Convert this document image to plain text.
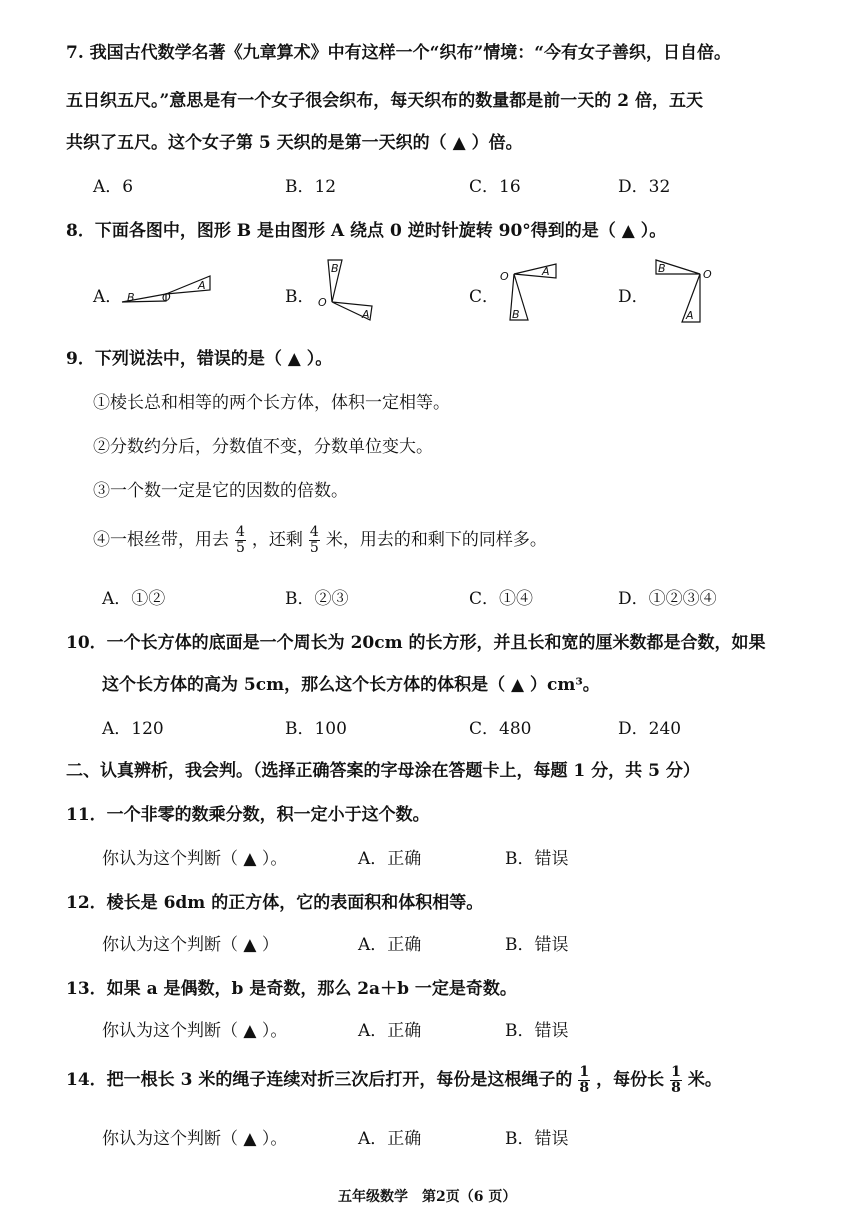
7. 我国古代数学名著《九章算术》中有这样一个“织布”情境：“今有女子善织，日自倍。
五日织五尺。”意思是有一个女子很会织布，每天织布的数量都是前一天的 2 倍，五天
共织了五尺。这个女子第 5 天织的是第一天织的（ ▲ ）倍。
A．6	B．12	C．16	D．32
8．下面各图中，图形 B 是由图形 A 绕点 0 逆时针旋转 90°得到的是（ ▲ ）。
A．	B．	C．	D．
B O
A
B
O
A
A
O
B
B	O
A
9．下列说法中，错误的是（ ▲ ）。
①棱长总和相等的两个长方体，体积一定相等。
②分数约分后，分数值不变，分数单位变大。
③一个数一定是它的因数的倍数。
④一根丝带，用去 $\frac{4}{5}$ ，还剩 $\frac{4}{5}$ 米，用去的和剩下的同样多。
A．①②	B．②③	C．①④	D．①②③④
10．一个长方体的底面是一个周长为 20cm 的长方形，并且长和宽的厘米数都是合数，如果
这个长方体的高为 5cm，那么这个长方体的体积是（ ▲ ）cm³。
A．120	B．100	C．480	D．240
二、认真辨析，我会判。（选择正确答案的字母涂在答题卡上，每题 1 分，共 5 分）
11．一个非零的数乘分数，积一定小于这个数。
你认为这个判断（ ▲ ）。	A．正确	B．错误
12．棱长是 6dm 的正方体，它的表面积和体积相等。
你认为这个判断（ ▲ ）	A．正确	B．错误
13．如果 a 是偶数，b 是奇数，那么 2a＋b 一定是奇数。
你认为这个判断（ ▲ ）。	A．正确	B．错误
14．把一根长 3 米的绳子连续对折三次后打开，每份是这根绳子的 $\frac{1}{8}$ ，每份长 $\frac{1}{8}$ 米。
你认为这个判断（ ▲ ）。	A．正确	B．错误
五年级数学　第2页（6 页）
